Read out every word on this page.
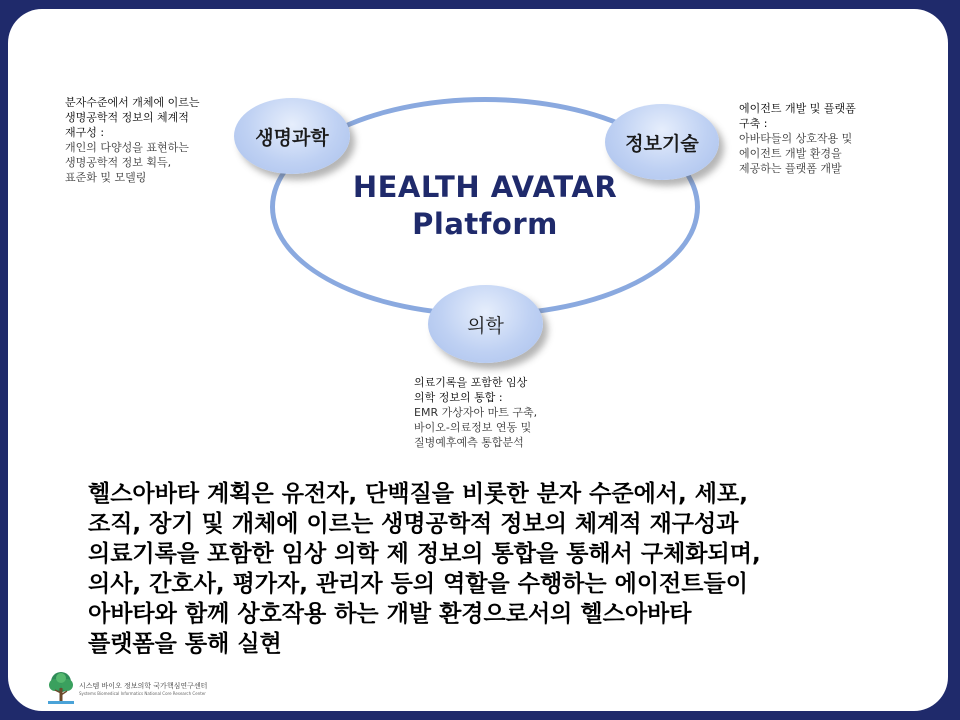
생명과학	정보기술
의학
HEALTH AVATAR
Platform
분자수준에서 개체에 이르는
생명공학적 정보의 체계적
재구성 :
개인의 다양성을 표현하는
생명공학적 정보 획득,
표준화 및 모델링
에이전트 개발 및 플랫폼
구축 :
아바타들의 상호작용 및
에이전트 개발 환경을
제공하는 플랫폼 개발
의료기록을 포함한 임상
의학 정보의 통합 :
EMR 가상자아 마트 구축,
바이오-의료정보 연동 및
질병예후예측 통합분석
헬스아바타 계획은 유전자, 단백질을 비롯한 분자 수준에서, 세포,
조직, 장기 및 개체에 이르는 생명공학적 정보의 체계적 재구성과
의료기록을 포함한 임상 의학 제 정보의 통합을 통해서 구체화되며,
의사, 간호사, 평가자, 관리자 등의 역할을 수행하는 에이전트들이
아바타와 함께 상호작용 하는 개발 환경으로서의 헬스아바타
플랫폼을 통해 실현
시스템 바이오 정보의학 국가핵심연구센터
Systems Biomedical Informatics National Core Research Center
